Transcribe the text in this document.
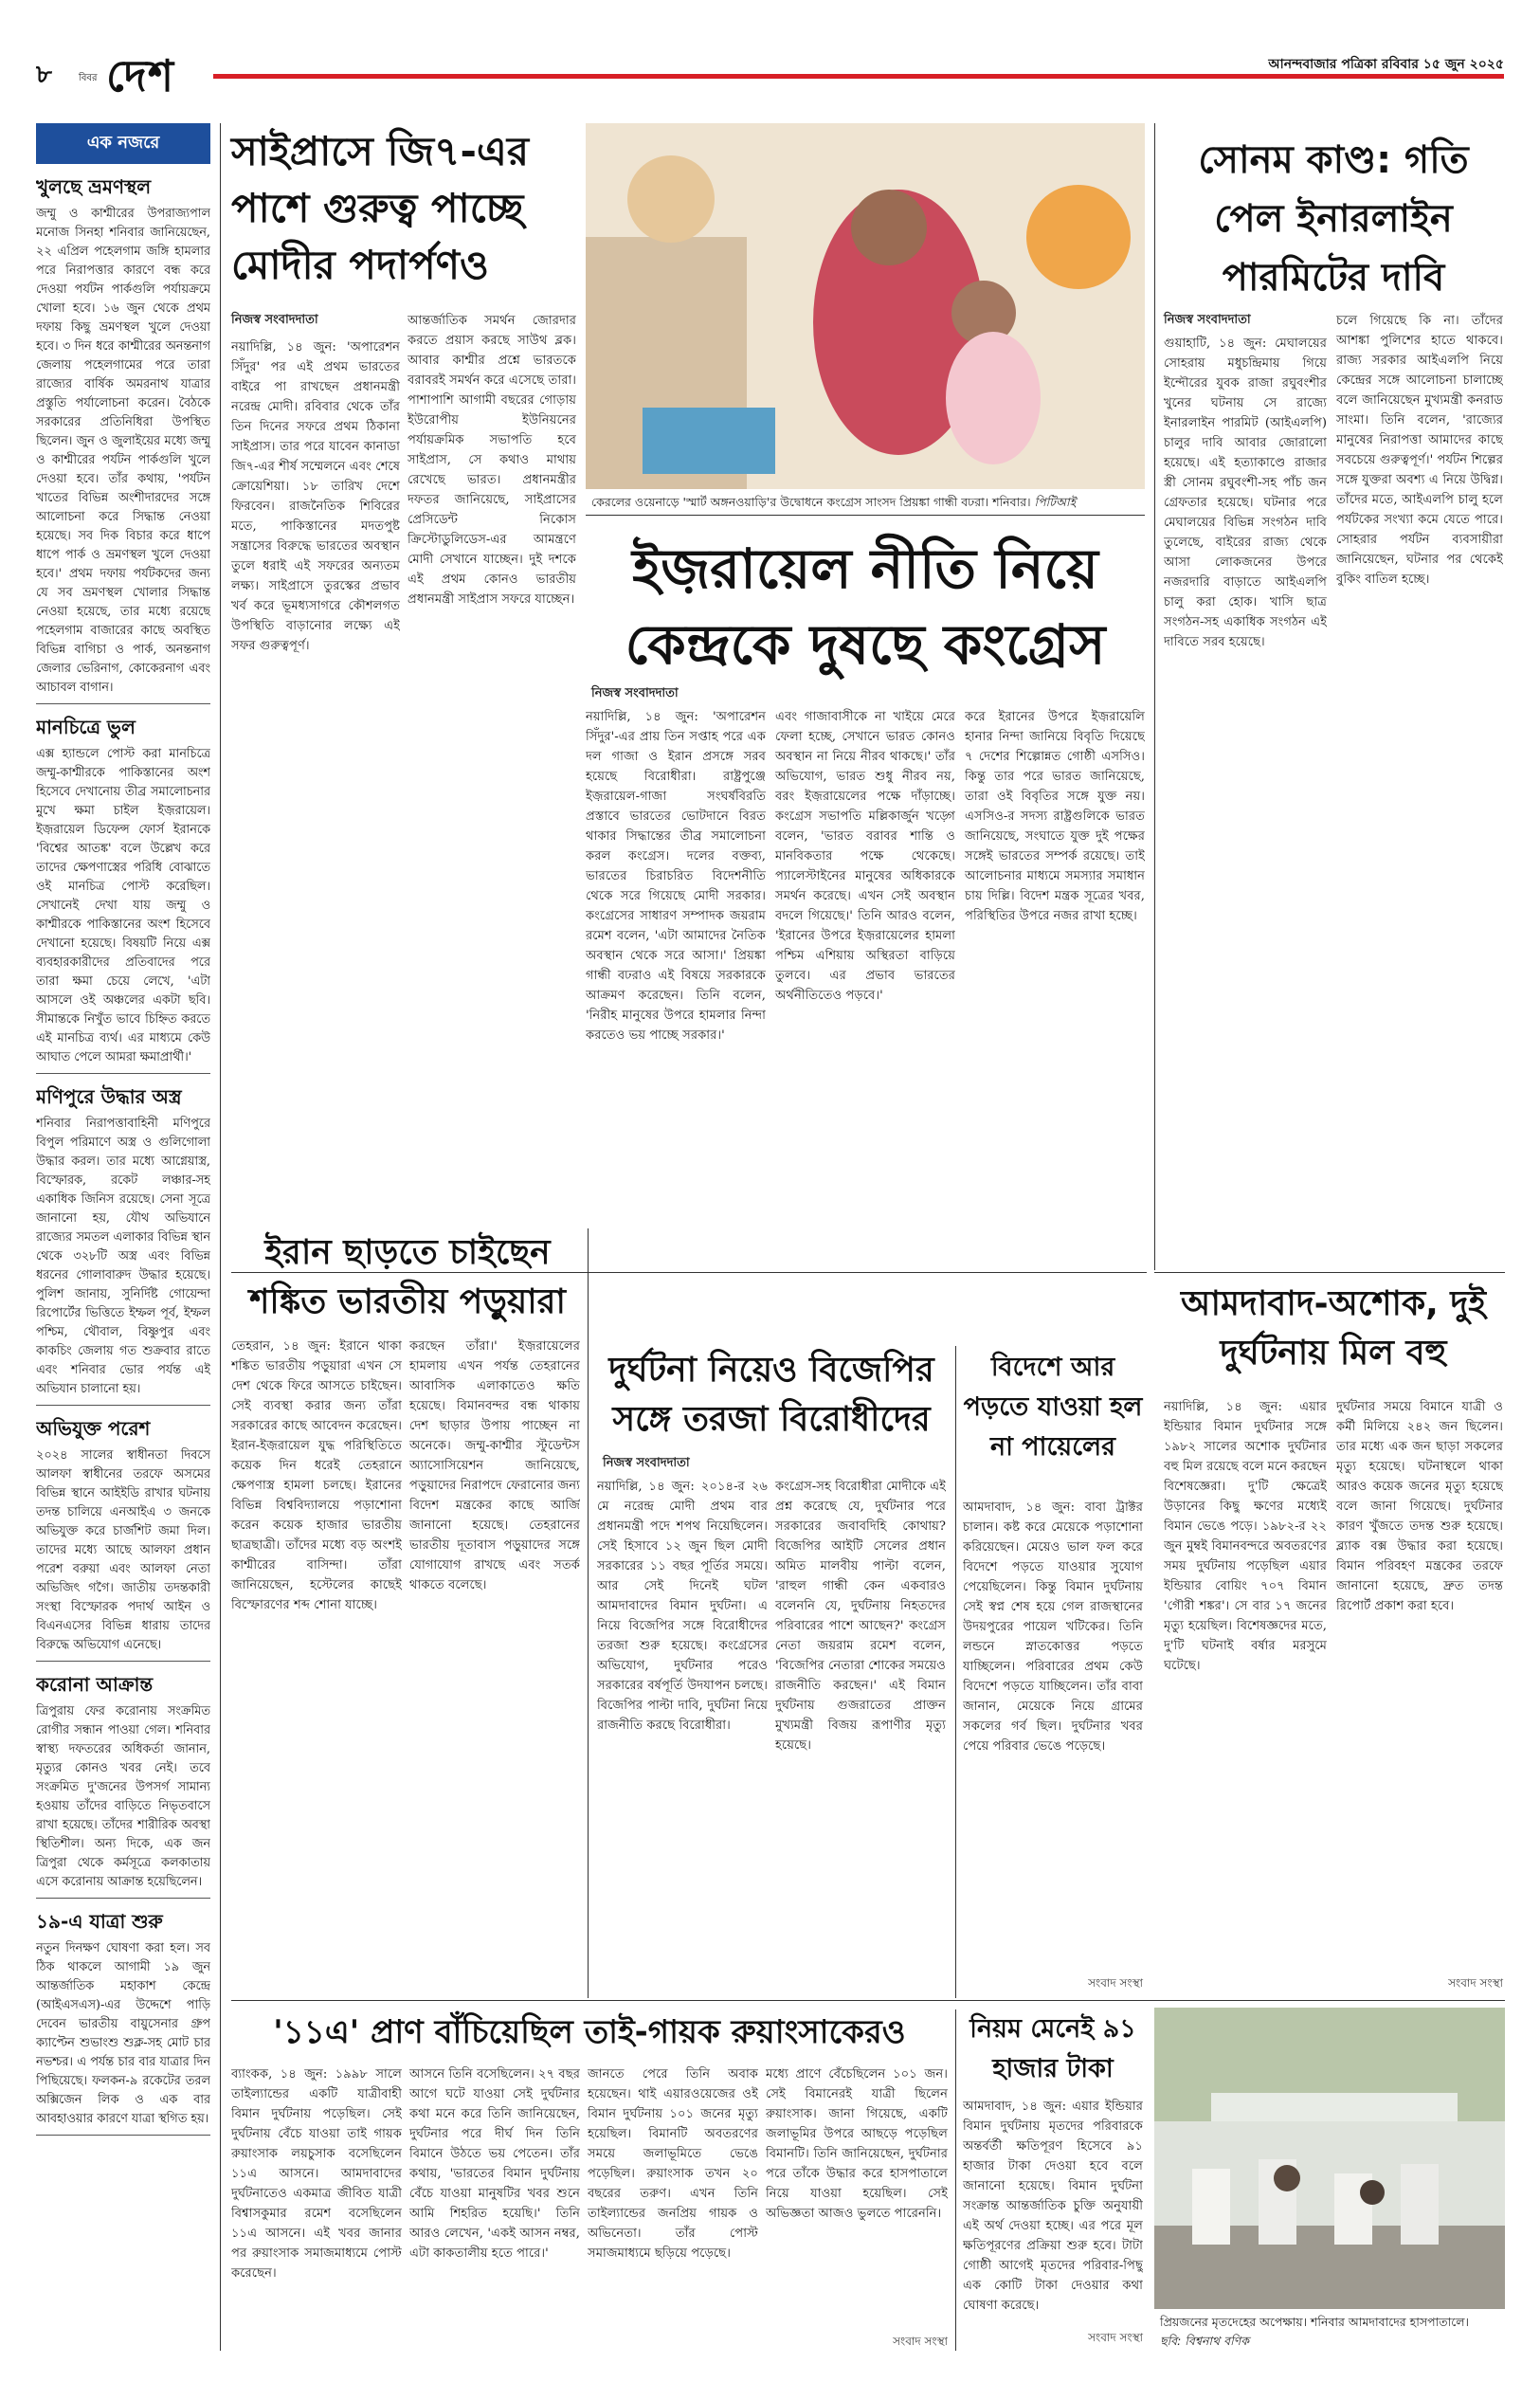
৮	বিবর দেশ	আনন্দবাজার পত্রিকা রবিবার ১৫ জুন ২০২৫
এক নজরে
খুলছে ভ্রমণস্থল
জম্মু ও কাশ্মীরের উপরাজ্যপাল মনোজ সিনহা শনিবার জানিয়েছেন, ২২ এপ্রিল পহেলগাম জঙ্গি হামলার পরে নিরাপত্তার কারণে বন্ধ করে দেওয়া পর্যটন পার্কগুলি পর্যায়ক্রমে খোলা হবে। ১৬ জুন থেকে প্রথম দফায় কিছু ভ্রমণস্থল খুলে দেওয়া হবে। ৩ দিন ধরে কাশ্মীরের অনন্তনাগ জেলায় পহেলগামের পরে তারা রাজ্যের বার্ষিক অমরনাথ যাত্রার প্রস্তুতি পর্যালোচনা করেন। বৈঠকে সরকারের প্রতিনিধিরা উপস্থিত ছিলেন। জুন ও জুলাইয়ের মধ্যে জম্মু ও কাশ্মীরের পর্যটন পার্কগুলি খুলে দেওয়া হবে। তাঁর কথায়, 'পর্যটন খাতের বিভিন্ন অংশীদারদের সঙ্গে আলোচনা করে সিদ্ধান্ত নেওয়া হয়েছে। সব দিক বিচার করে ধাপে ধাপে পার্ক ও ভ্রমণস্থল খুলে দেওয়া হবে।' প্রথম দফায় পর্যটকদের জন্য যে সব ভ্রমণস্থল খোলার সিদ্ধান্ত নেওয়া হয়েছে, তার মধ্যে রয়েছে পহেলগাম বাজারের কাছে অবস্থিত বিভিন্ন বাগিচা ও পার্ক, অনন্তনাগ জেলার ভেরিনাগ, কোকেরনাগ এবং আচাবল বাগান।
মানচিত্রে ভুল
এক্স হ্যান্ডলে পোস্ট করা মানচিত্রে জম্মু-কাশ্মীরকে পাকিস্তানের অংশ হিসেবে দেখানোয় তীব্র সমালোচনার মুখে ক্ষমা চাইল ইজ়রায়েল। ইজ়রায়েল ডিফেন্স ফোর্স ইরানকে 'বিশ্বের আতঙ্ক' বলে উল্লেখ করে তাদের ক্ষেপণাস্ত্রের পরিধি বোঝাতে ওই মানচিত্র পোস্ট করেছিল। সেখানেই দেখা যায় জম্মু ও কাশ্মীরকে পাকিস্তানের অংশ হিসেবে দেখানো হয়েছে। বিষয়টি নিয়ে এক্স ব্যবহারকারীদের প্রতিবাদের পরে তারা ক্ষমা চেয়ে লেখে, 'এটা আসলে ওই অঞ্চলের একটা ছবি। সীমান্তকে নিখুঁত ভাবে চিহ্নিত করতে এই মানচিত্র ব্যর্থ। এর মাধ্যমে কেউ আঘাত পেলে আমরা ক্ষমাপ্রার্থী।'
মণিপুরে উদ্ধার অস্ত্র
শনিবার নিরাপত্তাবাহিনী মণিপুরে বিপুল পরিমাণে অস্ত্র ও গুলিগোলা উদ্ধার করল। তার মধ্যে আগ্নেয়াস্ত্র, বিস্ফোরক, রকেট লঞ্চার-সহ একাধিক জিনিস রয়েছে। সেনা সূত্রে জানানো হয়, যৌথ অভিযানে রাজ্যের সমতল এলাকার বিভিন্ন স্থান থেকে ৩২৮টি অস্ত্র এবং বিভিন্ন ধরনের গোলাবারুদ উদ্ধার হয়েছে। পুলিশ জানায়, সুনির্দিষ্ট গোয়েন্দা রিপোর্টের ভিত্তিতে ইম্ফল পূর্ব, ইম্ফল পশ্চিম, থৌবাল, বিষ্ণুপুর এবং কাকচিং জেলায় গত শুক্রবার রাতে এবং শনিবার ভোর পর্যন্ত এই অভিযান চালানো হয়।
অভিযুক্ত পরেশ
২০২৪ সালের স্বাধীনতা দিবসে আলফা স্বাধীনের তরফে অসমের বিভিন্ন স্থানে আইইডি রাখার ঘটনায় তদন্ত চালিয়ে এনআইএ ৩ জনকে অভিযুক্ত করে চার্জশিট জমা দিল। তাদের মধ্যে আছে আলফা প্রধান পরেশ বরুয়া এবং আলফা নেতা অভিজিৎ গগৈ। জাতীয় তদন্তকারী সংস্থা বিস্ফোরক পদার্থ আইন ও বিএনএসের বিভিন্ন ধারায় তাদের বিরুদ্ধে অভিযোগ এনেছে।
করোনা আক্রান্ত
ত্রিপুরায় ফের করোনায় সংক্রমিত রোগীর সন্ধান পাওয়া গেল। শনিবার স্বাস্থ্য দফতরের অধিকর্তা জানান, মৃত্যুর কোনও খবর নেই। তবে সংক্রমিত দু'জনের উপসর্গ সামান্য হওয়ায় তাঁদের বাড়িতে নিভৃতবাসে রাখা হয়েছে। তাঁদের শারীরিক অবস্থা স্থিতিশীল। অন্য দিকে, এক জন ত্রিপুরা থেকে কর্মসূত্রে কলকাতায় এসে করোনায় আক্রান্ত হয়েছিলেন।
১৯-এ যাত্রা শুরু
নতুন দিনক্ষণ ঘোষণা করা হল। সব ঠিক থাকলে আগামী ১৯ জুন আন্তর্জাতিক মহাকাশ কেন্দ্রে (আইএসএস)-এর উদ্দেশে পাড়ি দেবেন ভারতীয় বায়ুসেনার গ্রুপ ক্যাপ্টেন শুভাংশু শুক্ল-সহ মোট চার নভশ্চর। এ পর্যন্ত চার বার যাত্রার দিন পিছিয়েছে। ফলকন-৯ রকেটের তরল অক্সিজেন লিক ও এক বার আবহাওয়ার কারণে যাত্রা স্থগিত হয়।
সাইপ্রাসে জি৭-এর পাশে গুরুত্ব পাচ্ছে মোদীর পদার্পণও
নিজস্ব সংবাদদাতা
নয়াদিল্লি, ১৪ জুন: 'অপারেশন সিঁদুর' পর এই প্রথম ভারতের বাইরে পা রাখছেন প্রধানমন্ত্রী নরেন্দ্র মোদী। রবিবার থেকে তাঁর তিন দিনের সফরে প্রথম ঠিকানা সাইপ্রাস। তার পরে যাবেন কানাডা জি৭-এর শীর্ষ সম্মেলনে এবং শেষে ক্রোয়েশিয়া। ১৮ তারিখ দেশে ফিরবেন। রাজনৈতিক শিবিরের মতে, পাকিস্তানের মদতপুষ্ট সন্ত্রাসের বিরুদ্ধে ভারতের অবস্থান তুলে ধরাই এই সফরের অন্যতম লক্ষ্য। সাইপ্রাসে তুরস্কের প্রভাব খর্ব করে ভূমধ্যসাগরে কৌশলগত উপস্থিতি বাড়ানোর লক্ষ্যে এই সফর গুরুত্বপূর্ণ।
আন্তর্জাতিক সমর্থন জোরদার করতে প্রয়াস করছে সাউথ ব্লক। আবার কাশ্মীর প্রশ্নে ভারতকে বরাবরই সমর্থন করে এসেছে তারা। পাশাপাশি আগামী বছরের গোড়ায় ইউরোপীয় ইউনিয়নের পর্যায়ক্রমিক সভাপতি হবে সাইপ্রাস, সে কথাও মাথায় রেখেছে ভারত। প্রধানমন্ত্রীর দফতর জানিয়েছে, সাইপ্রাসের প্রেসিডেন্ট নিকোস ক্রিস্টোডুলিডেস-এর আমন্ত্রণে মোদী সেখানে যাচ্ছেন। দুই দশকে এই প্রথম কোনও ভারতীয় প্রধানমন্ত্রী সাইপ্রাস সফরে যাচ্ছেন।
কেরলের ওয়েনাড়ে 'স্মার্ট অঙ্গনওয়াড়ি'র উদ্বোধনে কংগ্রেস সাংসদ প্রিয়ঙ্কা গান্ধী বঢরা। শনিবার। পিটিআই
ইজ়রায়েল নীতি নিয়ে কেন্দ্রকে দুষছে কংগ্রেস
নিজস্ব সংবাদদাতা
নয়াদিল্লি, ১৪ জুন: 'অপারেশন সিঁদুর'-এর প্রায় তিন সপ্তাহ পরে এক দল গাজা ও ইরান প্রসঙ্গে সরব হয়েছে বিরোধীরা। রাষ্ট্রপুঞ্জে ইজ়রায়েল-গাজা সংঘর্ষবিরতি প্রস্তাবে ভারতের ভোটদানে বিরত থাকার সিদ্ধান্তের তীব্র সমালোচনা করল কংগ্রেস। দলের বক্তব্য, ভারতের চিরাচরিত বিদেশনীতি থেকে সরে গিয়েছে মোদী সরকার। কংগ্রেসের সাধারণ সম্পাদক জয়রাম রমেশ বলেন, 'এটা আমাদের নৈতিক অবস্থান থেকে সরে আসা।' প্রিয়ঙ্কা গান্ধী বঢরাও এই বিষয়ে সরকারকে আক্রমণ করেছেন। তিনি বলেন, 'নিরীহ মানুষের উপরে হামলার নিন্দা করতেও ভয় পাচ্ছে সরকার।'
এবং গাজাবাসীকে না খাইয়ে মেরে ফেলা হচ্ছে, সেখানে ভারত কোনও অবস্থান না নিয়ে নীরব থাকছে।' তাঁর অভিযোগ, ভারত শুধু নীরব নয়, বরং ইজ়রায়েলের পক্ষে দাঁড়াচ্ছে। কংগ্রেস সভাপতি মল্লিকার্জুন খড়্গে বলেন, 'ভারত বরাবর শান্তি ও মানবিকতার পক্ষে থেকেছে। প্যালেস্টাইনের মানুষের অধিকারকে সমর্থন করেছে। এখন সেই অবস্থান বদলে গিয়েছে।' তিনি আরও বলেন, 'ইরানের উপরে ইজ়রায়েলের হামলা পশ্চিম এশিয়ায় অস্থিরতা বাড়িয়ে তুলবে। এর প্রভাব ভারতের অর্থনীতিতেও পড়বে।'
করে ইরানের উপরে ইজ়রায়েলি হানার নিন্দা জানিয়ে বিবৃতি দিয়েছে ৭ দেশের শিল্পোন্নত গোষ্ঠী এসসিও। কিন্তু তার পরে ভারত জানিয়েছে, তারা ওই বিবৃতির সঙ্গে যুক্ত নয়। এসসিও-র সদস্য রাষ্ট্রগুলিকে ভারত জানিয়েছে, সংঘাতে যুক্ত দুই পক্ষের সঙ্গেই ভারতের সম্পর্ক রয়েছে। তাই আলোচনার মাধ্যমে সমস্যার সমাধান চায় দিল্লি। বিদেশ মন্ত্রক সূত্রের খবর, পরিস্থিতির উপরে নজর রাখা হচ্ছে।
সোনম কাণ্ড: গতি পেল ইনারলাইন পারমিটের দাবি
নিজস্ব সংবাদদাতা
গুয়াহাটি, ১৪ জুন: মেঘালয়ের সোহরায় মধুচন্দ্রিমায় গিয়ে ইন্দৌরের যুবক রাজা রঘুবংশীর খুনের ঘটনায় সে রাজ্যে ইনারলাইন পারমিট (আইএলপি) চালুর দাবি আবার জোরালো হয়েছে। এই হত্যাকাণ্ডে রাজার স্ত্রী সোনম রঘুবংশী-সহ পাঁচ জন গ্রেফতার হয়েছে। ঘটনার পরে মেঘালয়ের বিভিন্ন সংগঠন দাবি তুলেছে, বাইরের রাজ্য থেকে আসা লোকজনের উপরে নজরদারি বাড়াতে আইএলপি চালু করা হোক। খাসি ছাত্র সংগঠন-সহ একাধিক সংগঠন এই দাবিতে সরব হয়েছে।
চলে গিয়েছে কি না। তাঁদের আশঙ্কা পুলিশের হাতে থাকবে। রাজ্য সরকার আইএলপি নিয়ে কেন্দ্রের সঙ্গে আলোচনা চালাচ্ছে বলে জানিয়েছেন মুখ্যমন্ত্রী কনরাড সাংমা। তিনি বলেন, 'রাজ্যের মানুষের নিরাপত্তা আমাদের কাছে সবচেয়ে গুরুত্বপূর্ণ।' পর্যটন শিল্পের সঙ্গে যুক্তরা অবশ্য এ নিয়ে উদ্বিগ্ন। তাঁদের মতে, আইএলপি চালু হলে পর্যটকের সংখ্যা কমে যেতে পারে। সোহরার পর্যটন ব্যবসায়ীরা জানিয়েছেন, ঘটনার পর থেকেই বুকিং বাতিল হচ্ছে।
ইরান ছাড়তে চাইছেন শঙ্কিত ভারতীয় পড়ুয়ারা
তেহরান, ১৪ জুন: ইরানে থাকা শঙ্কিত ভারতীয় পড়ুয়ারা এখন সে দেশ থেকে ফিরে আসতে চাইছেন। সেই ব্যবস্থা করার জন্য তাঁরা সরকারের কাছে আবেদন করেছেন। ইরান-ইজ়রায়েল যুদ্ধ পরিস্থিতিতে কয়েক দিন ধরেই তেহরানে ক্ষেপণাস্ত্র হামলা চলছে। ইরানের বিভিন্ন বিশ্ববিদ্যালয়ে পড়াশোনা করেন কয়েক হাজার ভারতীয় ছাত্রছাত্রী। তাঁদের মধ্যে বড় অংশই কাশ্মীরের বাসিন্দা। তাঁরা জানিয়েছেন, হস্টেলের কাছেই বিস্ফোরণের শব্দ শোনা যাচ্ছে।
করছেন তাঁরা।' ইজ়রায়েলের হামলায় এখন পর্যন্ত তেহরানের আবাসিক এলাকাতেও ক্ষতি হয়েছে। বিমানবন্দর বন্ধ থাকায় দেশ ছাড়ার উপায় পাচ্ছেন না অনেকে। জম্মু-কাশ্মীর স্টুডেন্টস অ্যাসোসিয়েশন জানিয়েছে, পড়ুয়াদের নিরাপদে ফেরানোর জন্য বিদেশ মন্ত্রকের কাছে আর্জি জানানো হয়েছে। তেহরানের ভারতীয় দূতাবাস পড়ুয়াদের সঙ্গে যোগাযোগ রাখছে এবং সতর্ক থাকতে বলেছে।
দুর্ঘটনা নিয়েও বিজেপির সঙ্গে তরজা বিরোধীদের
নিজস্ব সংবাদদাতা
নয়াদিল্লি, ১৪ জুন: ২০১৪-র ২৬ মে নরেন্দ্র মোদী প্রথম বার প্রধানমন্ত্রী পদে শপথ নিয়েছিলেন। সেই হিসাবে ১২ জুন ছিল মোদী সরকারের ১১ বছর পূর্তির সময়ে। আর সেই দিনেই ঘটল আমদাবাদের বিমান দুর্ঘটনা। এ নিয়ে বিজেপির সঙ্গে বিরোধীদের তরজা শুরু হয়েছে। কংগ্রেসের অভিযোগ, দুর্ঘটনার পরেও সরকারের বর্ষপূর্তি উদযাপন চলছে। বিজেপির পাল্টা দাবি, দুর্ঘটনা নিয়ে রাজনীতি করছে বিরোধীরা।
কংগ্রেস-সহ বিরোধীরা মোদীকে এই প্রশ্ন করেছে যে, দুর্ঘটনার পরে সরকারের জবাবদিহি কোথায়? বিজেপির আইটি সেলের প্রধান অমিত মালবীয় পাল্টা বলেন, 'রাহুল গান্ধী কেন একবারও বলেননি যে, দুর্ঘটনায় নিহতদের পরিবারের পাশে আছেন?' কংগ্রেস নেতা জয়রাম রমেশ বলেন, 'বিজেপির নেতারা শোকের সময়েও রাজনীতি করছেন।' এই বিমান দুর্ঘটনায় গুজরাতের প্রাক্তন মুখ্যমন্ত্রী বিজয় রূপাণীর মৃত্যু হয়েছে।
বিদেশে আর পড়তে যাওয়া হল না পায়েলের
আমদাবাদ, ১৪ জুন: বাবা ট্রাক্টর চালান। কষ্ট করে মেয়েকে পড়াশোনা করিয়েছেন। মেয়েও ভাল ফল করে বিদেশে পড়তে যাওয়ার সুযোগ পেয়েছিলেন। কিন্তু বিমান দুর্ঘটনায় সেই স্বপ্ন শেষ হয়ে গেল রাজস্থানের উদয়পুরের পায়েল খটিকের। তিনি লন্ডনে স্নাতকোত্তর পড়তে যাচ্ছিলেন। পরিবারের প্রথম কেউ বিদেশে পড়তে যাচ্ছিলেন। তাঁর বাবা জানান, মেয়েকে নিয়ে গ্রামের সকলের গর্ব ছিল। দুর্ঘটনার খবর পেয়ে পরিবার ভেঙে পড়েছে।
সংবাদ সংস্থা
আমদাবাদ-অশোক, দুই দুর্ঘটনায় মিল বহু
নয়াদিল্লি, ১৪ জুন: এয়ার ইন্ডিয়ার বিমান দুর্ঘটনার সঙ্গে ১৯৮২ সালের অশোক দুর্ঘটনার বহু মিল রয়েছে বলে মনে করছেন বিশেষজ্ঞেরা। দু'টি ক্ষেত্রেই উড়ানের কিছু ক্ষণের মধ্যেই বিমান ভেঙে পড়ে। ১৯৮২-র ২২ জুন মুম্বই বিমানবন্দরে অবতরণের সময় দুর্ঘটনায় পড়েছিল এয়ার ইন্ডিয়ার বোয়িং ৭০৭ বিমান 'গৌরী শঙ্কর'। সে বার ১৭ জনের মৃত্যু হয়েছিল। বিশেষজ্ঞদের মতে, দু'টি ঘটনাই বর্ষার মরসুমে ঘটেছে।
দুর্ঘটনার সময়ে বিমানে যাত্রী ও কর্মী মিলিয়ে ২৪২ জন ছিলেন। তার মধ্যে এক জন ছাড়া সকলের মৃত্যু হয়েছে। ঘটনাস্থলে থাকা আরও কয়েক জনের মৃত্যু হয়েছে বলে জানা গিয়েছে। দুর্ঘটনার কারণ খুঁজতে তদন্ত শুরু হয়েছে। ব্ল্যাক বক্স উদ্ধার করা হয়েছে। বিমান পরিবহণ মন্ত্রকের তরফে জানানো হয়েছে, দ্রুত তদন্ত রিপোর্ট প্রকাশ করা হবে।
সংবাদ সংস্থা
'১১এ' প্রাণ বাঁচিয়েছিল তাই-গায়ক রুয়াংসাকেরও
ব্যাংকক, ১৪ জুন: ১৯৯৮ সালে তাইল্যান্ডের একটি যাত্রীবাহী বিমান দুর্ঘটনায় পড়েছিল। সেই দুর্ঘটনায় বেঁচে যাওয়া তাই গায়ক রুয়াংসাক লয়চুসাক বসেছিলেন ১১এ আসনে। আমদাবাদের দুর্ঘটনাতেও একমাত্র জীবিত যাত্রী বিশ্বাসকুমার রমেশ বসেছিলেন ১১এ আসনে। এই খবর জানার পর রুয়াংসাক সমাজমাধ্যমে পোস্ট করেছেন।
আসনে তিনি বসেছিলেন। ২৭ বছর আগে ঘটে যাওয়া সেই দুর্ঘটনার কথা মনে করে তিনি জানিয়েছেন, দুর্ঘটনার পরে দীর্ঘ দিন তিনি বিমানে উঠতে ভয় পেতেন। তাঁর কথায়, 'ভারতের বিমান দুর্ঘটনায় বেঁচে যাওয়া মানুষটির খবর শুনে আমি শিহরিত হয়েছি।' তিনি আরও লেখেন, 'একই আসন নম্বর, এটা কাকতালীয় হতে পারে।'
জানতে পেরে তিনি অবাক হয়েছেন। থাই এয়ারওয়েজের ওই বিমান দুর্ঘটনায় ১০১ জনের মৃত্যু হয়েছিল। বিমানটি অবতরণের সময়ে জলাভূমিতে ভেঙে পড়েছিল। রুয়াংসাক তখন ২০ বছরের তরুণ। এখন তিনি তাইল্যান্ডের জনপ্রিয় গায়ক ও অভিনেতা। তাঁর পোস্ট সমাজমাধ্যমে ছড়িয়ে পড়েছে।
মধ্যে প্রাণে বেঁচেছিলেন ১০১ জন। সেই বিমানেরই যাত্রী ছিলেন রুয়াংসাক। জানা গিয়েছে, একটি জলাভূমির উপরে আছড়ে পড়েছিল বিমানটি। তিনি জানিয়েছেন, দুর্ঘটনার পরে তাঁকে উদ্ধার করে হাসপাতালে নিয়ে যাওয়া হয়েছিল। সেই অভিজ্ঞতা আজও ভুলতে পারেননি।
সংবাদ সংস্থা
নিয়ম মেনেই ৯১ হাজার টাকা
আমদাবাদ, ১৪ জুন: এয়ার ইন্ডিয়ার বিমান দুর্ঘটনায় মৃতদের পরিবারকে অন্তর্বর্তী ক্ষতিপূরণ হিসেবে ৯১ হাজার টাকা দেওয়া হবে বলে জানানো হয়েছে। বিমান দুর্ঘটনা সংক্রান্ত আন্তর্জাতিক চুক্তি অনুযায়ী এই অর্থ দেওয়া হচ্ছে। এর পরে মূল ক্ষতিপূরণের প্রক্রিয়া শুরু হবে। টাটা গোষ্ঠী আগেই মৃতদের পরিবার-পিছু এক কোটি টাকা দেওয়ার কথা ঘোষণা করেছে।
সংবাদ সংস্থা
প্রিয়জনের মৃতদেহের অপেক্ষায়। শনিবার আমদাবাদের হাসপাতালে।
ছবি: বিশ্বনাথ বণিক
